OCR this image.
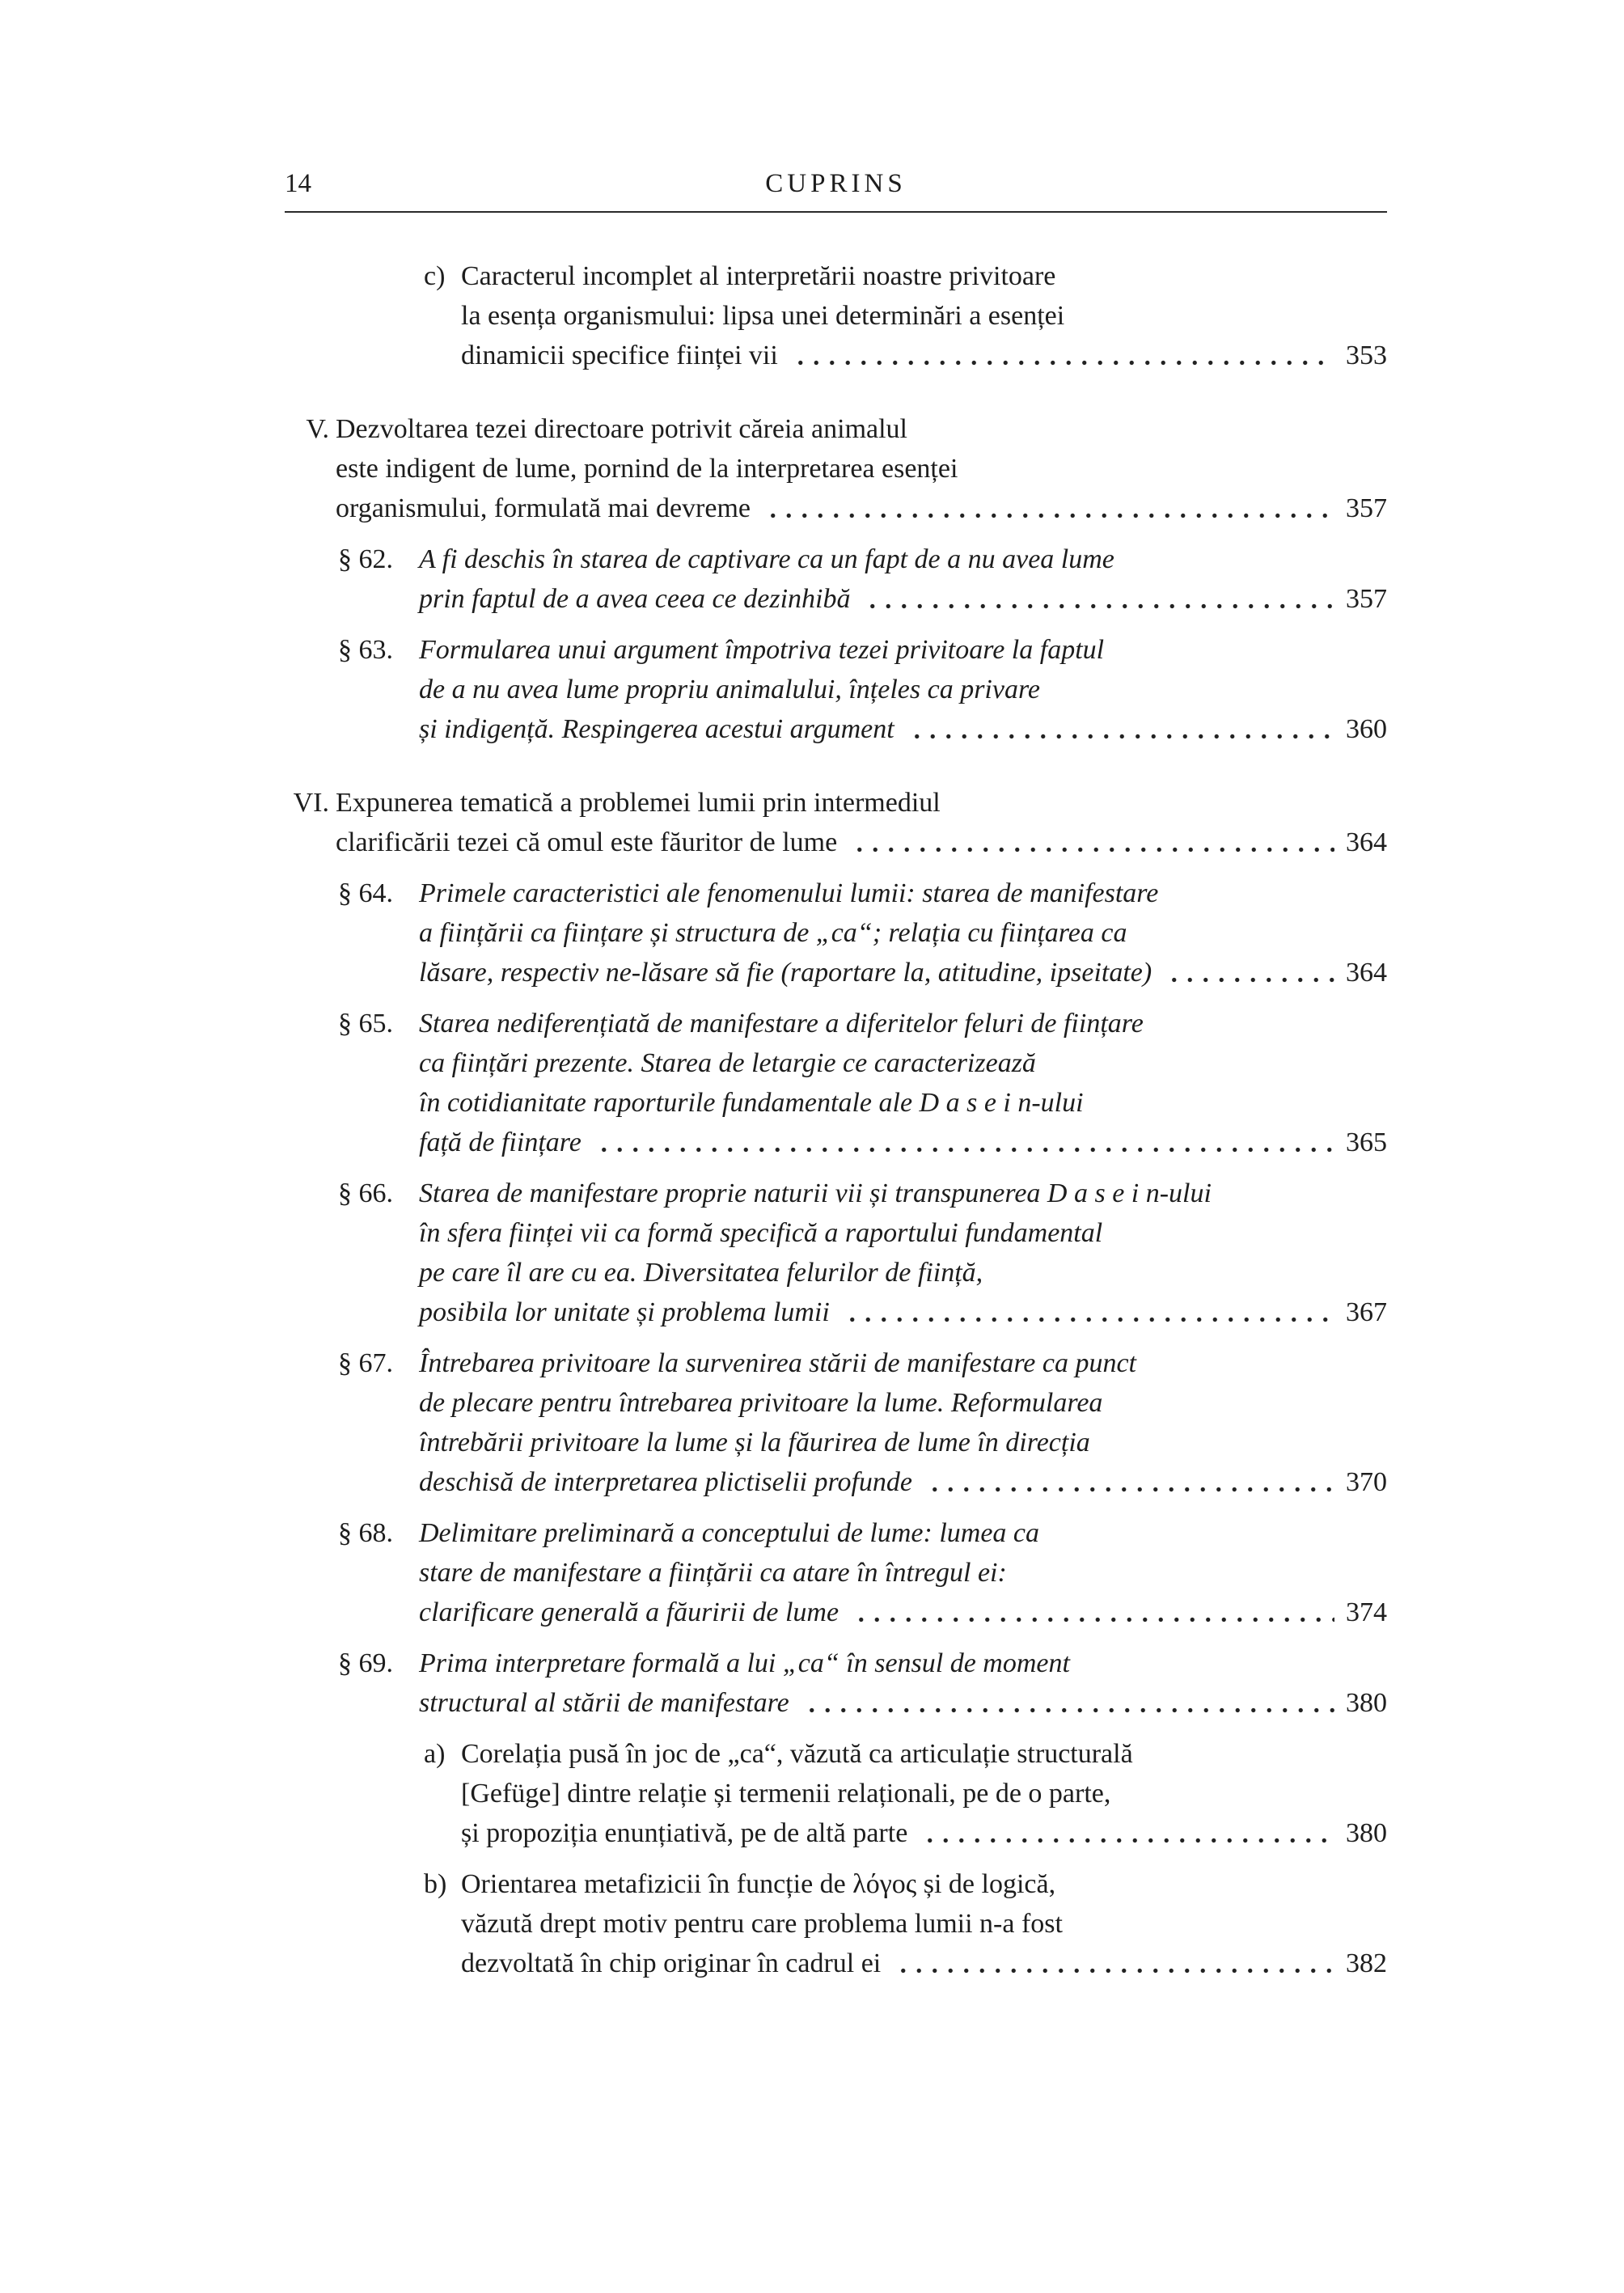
14	CUPRINS
c) Caracterul incomplet al interpretării noastre privitoare
la esența organismului: lipsa unei determinări a esenței
dinamicii specifice ființei vii	353
V. Dezvoltarea tezei directoare potrivit căreia animalul
este indigent de lume, pornind de la interpretarea esenței
organismului, formulată mai devreme	357
§ 62. A fi deschis în starea de captivare ca un fapt de a nu avea lume
prin faptul de a avea ceea ce dezinhibă	357
§ 63. Formularea unui argument împotriva tezei privitoare la faptul
de a nu avea lume propriu animalului, înțeles ca privare
și indigență. Respingerea acestui argument	360
VI. Expunerea tematică a problemei lumii prin intermediul
clarificării tezei că omul este făuritor de lume	364
§ 64. Primele caracteristici ale fenomenului lumii: starea de manifestare
a ființării ca ființare și structura de „ca“; relația cu ființarea ca
lăsare, respectiv ne-lăsare să fie (raportare la, atitudine, ipseitate)	364
§ 65. Starea nediferențiată de manifestare a diferitelor feluri de ființare
ca ființări prezente. Starea de letargie ce caracterizează
în cotidianitate raporturile fundamentale ale D a s e i n-ului
față de ființare	365
§ 66. Starea de manifestare proprie naturii vii și transpunerea D a s e i n-ului
în sfera ființei vii ca formă specifică a raportului fundamental
pe care îl are cu ea. Diversitatea felurilor de ființă,
posibila lor unitate și problema lumii	367
§ 67. Întrebarea privitoare la survenirea stării de manifestare ca punct
de plecare pentru întrebarea privitoare la lume. Reformularea
întrebării privitoare la lume și la făurirea de lume în direcția
deschisă de interpretarea plictiselii profunde	370
§ 68. Delimitare preliminară a conceptului de lume: lumea ca
stare de manifestare a ființării ca atare în întregul ei:
clarificare generală a făuririi de lume	374
§ 69. Prima interpretare formală a lui „ca“ în sensul de moment
structural al stării de manifestare	380
a) Corelația pusă în joc de „ca“, văzută ca articulație structurală
[Gefüge] dintre relație și termenii relaționali, pe de o parte,
și propoziția enunțiativă, pe de altă parte	380
b) Orientarea metafizicii în funcție de λόγος și de logică,
văzută drept motiv pentru care problema lumii n-a fost
dezvoltată în chip originar în cadrul ei	382
